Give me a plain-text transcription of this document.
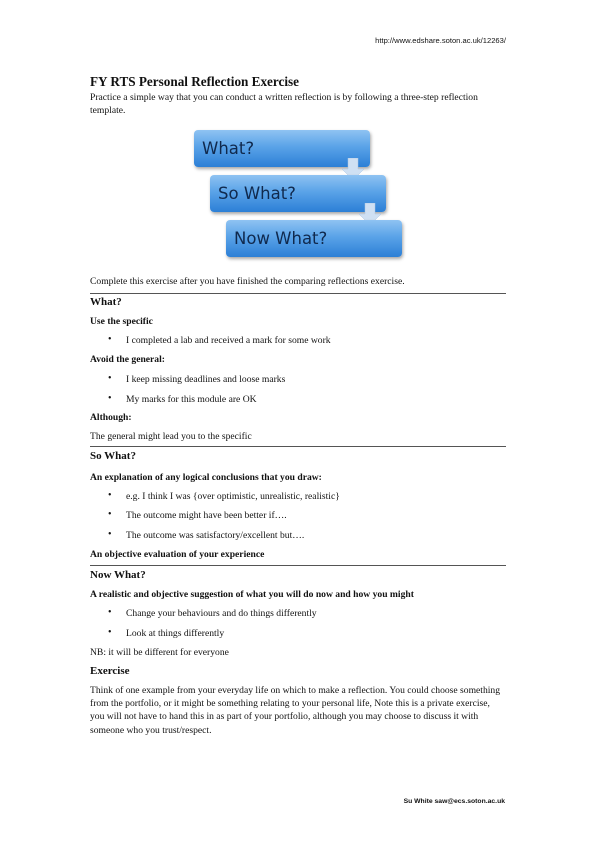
http://www.edshare.soton.ac.uk/12263/
FY RTS Personal Reflection Exercise
Practice a simple way that you can conduct a written reflection is by following a three-step reflection template.
What?
So What?
Now What?
Complete this exercise after you have finished the comparing reflections exercise.
What?
Use the specific
• I completed a lab and received a mark for some work
Avoid the general:
• I keep missing deadlines and loose marks
• My marks for this module are OK
Although:
The general might lead you to the specific
So What?
An explanation of any logical conclusions that you draw:
• e.g. I think I was {over optimistic, unrealistic, realistic}
• The outcome might have been better if….
• The outcome was satisfactory/excellent but….
An objective evaluation of your experience
Now What?
A realistic and objective suggestion of what you will do now and how you might
• Change your behaviours and do things differently
• Look at things differently
NB: it will be different for everyone
Exercise
Think of one example from your everyday life on which to make a reflection. You could choose something from the portfolio, or it might be something relating to your personal life, Note this is a private exercise, you will not have to hand this in as part of your portfolio, although you may choose to discuss it with someone who you trust/respect.
Su White saw@ecs.soton.ac.uk
